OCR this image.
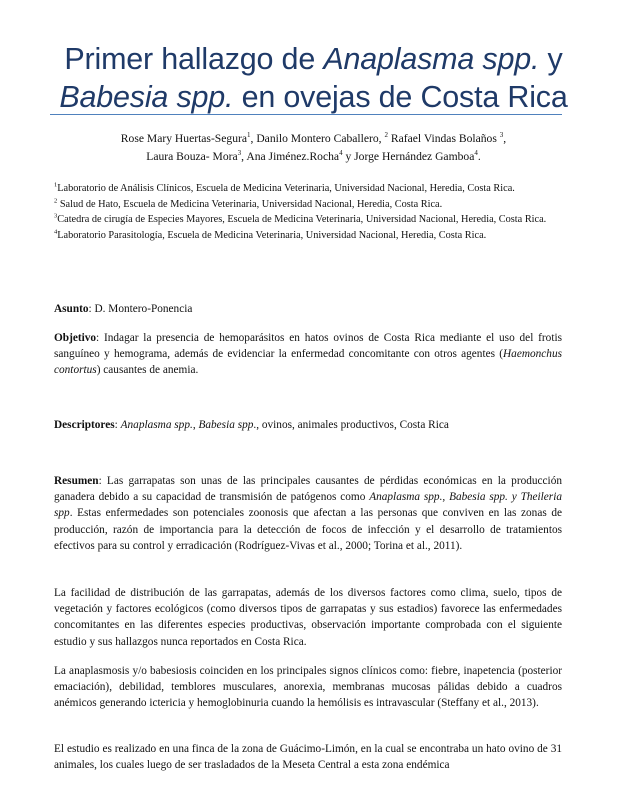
Primer hallazgo de Anaplasma spp. y
Babesia spp. en ovejas de Costa Rica
Rose Mary Huertas-Segura$^1$, Danilo Montero Caballero, $^2$ Rafael Vindas Bolaños $^3$,
Laura Bouza- Mora$^3$, Ana Jiménez.Rocha$^4$ y Jorge Hernández Gamboa$^4$.
$^1$Laboratorio de Análisis Clínicos, Escuela de Medicina Veterinaria, Universidad Nacional, Heredia, Costa Rica.
$^2$ Salud de Hato, Escuela de Medicina Veterinaria, Universidad Nacional, Heredia, Costa Rica.
$^3$Catedra de cirugía de Especies Mayores, Escuela de Medicina Veterinaria, Universidad Nacional, Heredia, Costa Rica.
$^4$Laboratorio Parasitología, Escuela de Medicina Veterinaria, Universidad Nacional, Heredia, Costa Rica.
Asunto: D. Montero-Ponencia
Objetivo: Indagar la presencia de hemoparásitos en hatos ovinos de Costa Rica mediante el uso del frotis sanguíneo y hemograma, además de evidenciar la enfermedad concomitante con otros agentes (Haemonchus contortus) causantes de anemia.
Descriptores: Anaplasma spp., Babesia spp., ovinos, animales productivos, Costa Rica
Resumen: Las garrapatas son unas de las principales causantes de pérdidas económicas en la producción ganadera debido a su capacidad de transmisión de patógenos como Anaplasma spp., Babesia spp. y Theileria spp. Estas enfermedades son potenciales zoonosis que afectan a las personas que conviven en las zonas de producción, razón de importancia para la detección de focos de infección y el desarrollo de tratamientos efectivos para su control y erradicación (Rodríguez-Vivas et al., 2000; Torina et al., 2011).

La facilidad de distribución de las garrapatas, además de los diversos factores como clima, suelo, tipos de vegetación y factores ecológicos (como diversos tipos de garrapatas y sus estadios) favorece las enfermedades concomitantes en las diferentes especies productivas, observación importante comprobada con el siguiente estudio y sus hallazgos nunca reportados en Costa Rica.

La anaplasmosis y/o babesiosis coinciden en los principales signos clínicos como: fiebre, inapetencia (posterior emaciación), debilidad, temblores musculares, anorexia, membranas mucosas pálidas debido a cuadros anémicos generando ictericia y hemoglobinuria cuando la hemólisis es intravascular (Steffany et al., 2013).

El estudio es realizado en una finca de la zona de Guácimo-Limón, en la cual se encontraba un hato ovino de 31 animales, los cuales luego de ser trasladados de la Meseta Central a esta zona endémica
